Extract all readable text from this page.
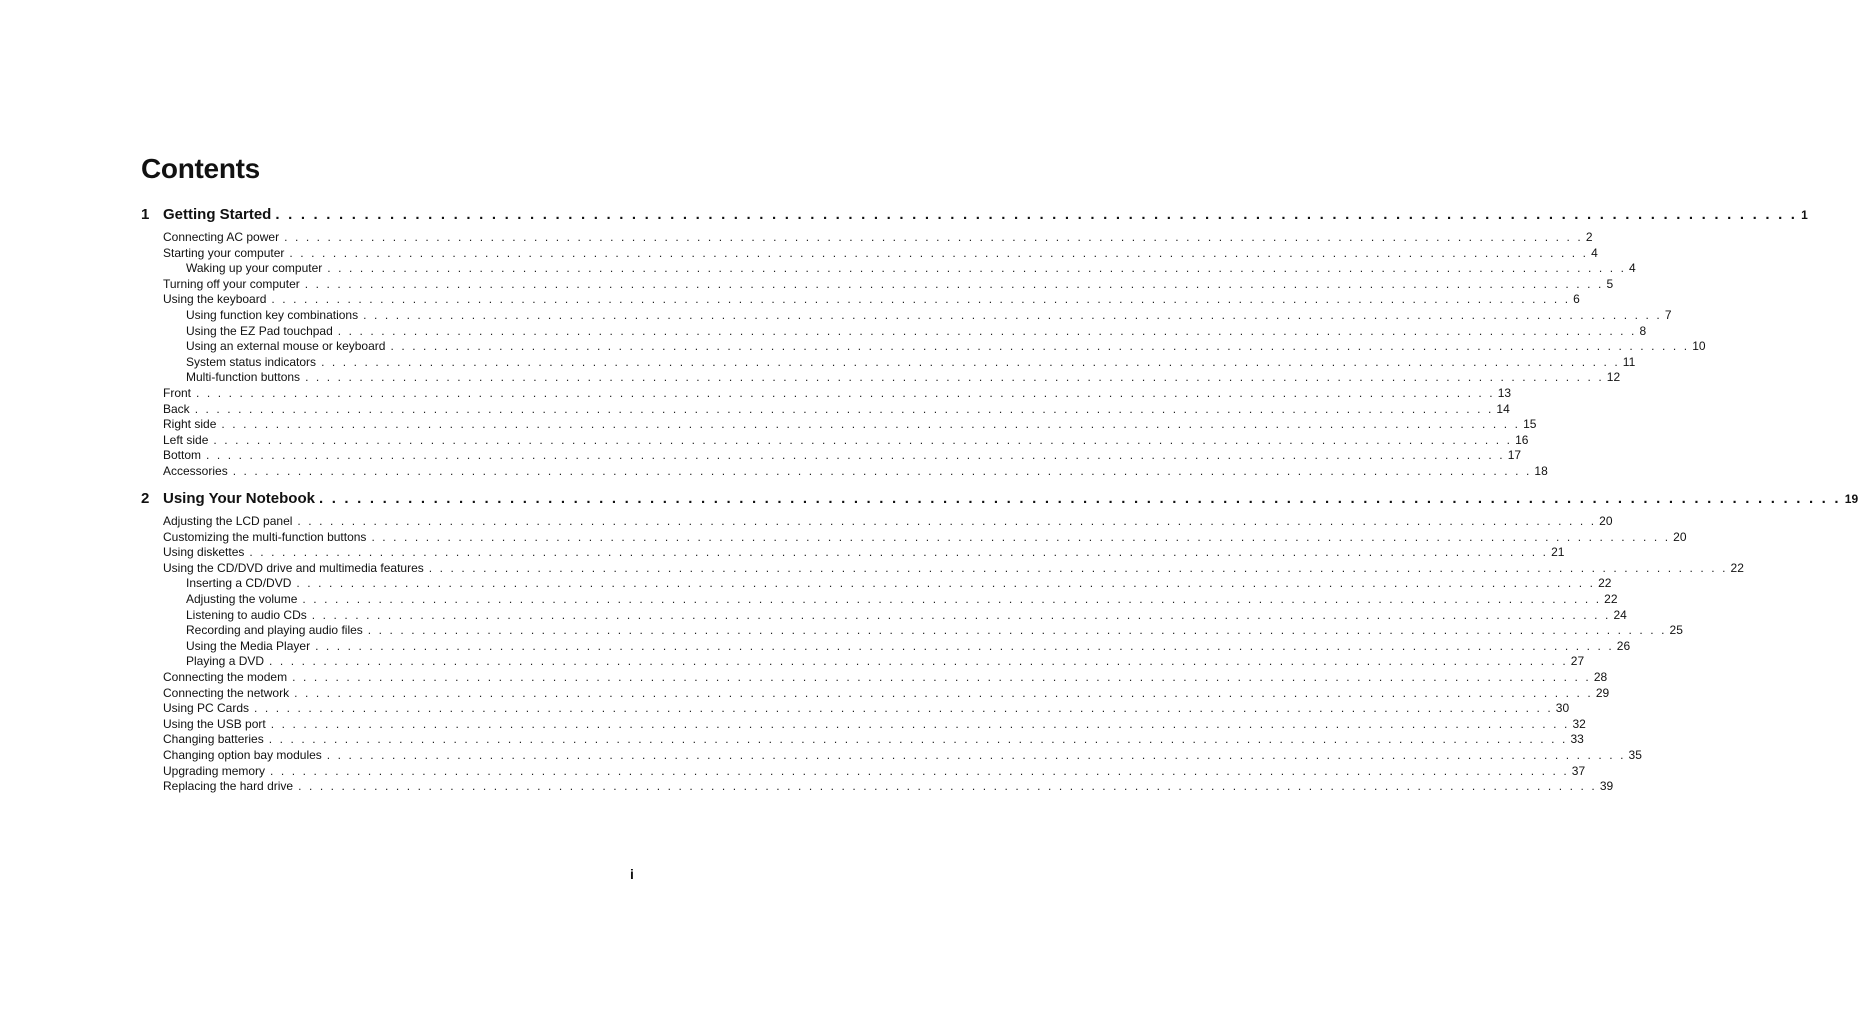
Contents
1 Getting Started . . . . . . . . . . . . . . . . . . . . . . . . . . . . . . . . . . . . . . . . . . . . . . . . . . . . . . . . . . . . . . . . . . . . . . . . . . . . . . . . . . . . . . . . . . . . . . . . . . . . . . . . . . . . . . . . . . . . . . . . 1
Connecting AC power . . . . . . . . . . . . . . . . . . . . . . . . . . . . . . . . . . . . . . . . . . . . . . . . . . . . . . . . . . . . . . . . . . . . . . . . . . . . . . . . . . . . . . . . . . . . . . . . . . . . . . . . . . . . . . . . . . . . . . . . 2
Starting your computer . . . . . . . . . . . . . . . . . . . . . . . . . . . . . . . . . . . . . . . . . . . . . . . . . . . . . . . . . . . . . . . . . . . . . . . . . . . . . . . . . . . . . . . . . . . . . . . . . . . . . . . . . . . . . . . . . . . . . . . . 4
Waking up your computer . . . . . . . . . . . . . . . . . . . . . . . . . . . . . . . . . . . . . . . . . . . . . . . . . . . . . . . . . . . . . . . . . . . . . . . . . . . . . . . . . . . . . . . . . . . . . . . . . . . . . . . . . . . . . . . . . . . . . . . . 4
Turning off your computer . . . . . . . . . . . . . . . . . . . . . . . . . . . . . . . . . . . . . . . . . . . . . . . . . . . . . . . . . . . . . . . . . . . . . . . . . . . . . . . . . . . . . . . . . . . . . . . . . . . . . . . . . . . . . . . . . . . . . . . . 5
Using the keyboard . . . . . . . . . . . . . . . . . . . . . . . . . . . . . . . . . . . . . . . . . . . . . . . . . . . . . . . . . . . . . . . . . . . . . . . . . . . . . . . . . . . . . . . . . . . . . . . . . . . . . . . . . . . . . . . . . . . . . . . . 6
Using function key combinations . . . . . . . . . . . . . . . . . . . . . . . . . . . . . . . . . . . . . . . . . . . . . . . . . . . . . . . . . . . . . . . . . . . . . . . . . . . . . . . . . . . . . . . . . . . . . . . . . . . . . . . . . . . . . . . . . . . . . . . . 7
Using the EZ Pad touchpad . . . . . . . . . . . . . . . . . . . . . . . . . . . . . . . . . . . . . . . . . . . . . . . . . . . . . . . . . . . . . . . . . . . . . . . . . . . . . . . . . . . . . . . . . . . . . . . . . . . . . . . . . . . . . . . . . . . . . . . . 8
Using an external mouse or keyboard . . . . . . . . . . . . . . . . . . . . . . . . . . . . . . . . . . . . . . . . . . . . . . . . . . . . . . . . . . . . . . . . . . . . . . . . . . . . . . . . . . . . . . . . . . . . . . . . . . . . . . . . . . . . . . . . . . . . . . . . 10
System status indicators . . . . . . . . . . . . . . . . . . . . . . . . . . . . . . . . . . . . . . . . . . . . . . . . . . . . . . . . . . . . . . . . . . . . . . . . . . . . . . . . . . . . . . . . . . . . . . . . . . . . . . . . . . . . . . . . . . . . . . . . 11
Multi-function buttons . . . . . . . . . . . . . . . . . . . . . . . . . . . . . . . . . . . . . . . . . . . . . . . . . . . . . . . . . . . . . . . . . . . . . . . . . . . . . . . . . . . . . . . . . . . . . . . . . . . . . . . . . . . . . . . . . . . . . . . . 12
Front . . . . . . . . . . . . . . . . . . . . . . . . . . . . . . . . . . . . . . . . . . . . . . . . . . . . . . . . . . . . . . . . . . . . . . . . . . . . . . . . . . . . . . . . . . . . . . . . . . . . . . . . . . . . . . . . . . . . . . . . 13
Back . . . . . . . . . . . . . . . . . . . . . . . . . . . . . . . . . . . . . . . . . . . . . . . . . . . . . . . . . . . . . . . . . . . . . . . . . . . . . . . . . . . . . . . . . . . . . . . . . . . . . . . . . . . . . . . . . . . . . . . . 14
Right side . . . . . . . . . . . . . . . . . . . . . . . . . . . . . . . . . . . . . . . . . . . . . . . . . . . . . . . . . . . . . . . . . . . . . . . . . . . . . . . . . . . . . . . . . . . . . . . . . . . . . . . . . . . . . . . . . . . . . . . . 15
Left side . . . . . . . . . . . . . . . . . . . . . . . . . . . . . . . . . . . . . . . . . . . . . . . . . . . . . . . . . . . . . . . . . . . . . . . . . . . . . . . . . . . . . . . . . . . . . . . . . . . . . . . . . . . . . . . . . . . . . . . . 16
Bottom . . . . . . . . . . . . . . . . . . . . . . . . . . . . . . . . . . . . . . . . . . . . . . . . . . . . . . . . . . . . . . . . . . . . . . . . . . . . . . . . . . . . . . . . . . . . . . . . . . . . . . . . . . . . . . . . . . . . . . . . 17
Accessories . . . . . . . . . . . . . . . . . . . . . . . . . . . . . . . . . . . . . . . . . . . . . . . . . . . . . . . . . . . . . . . . . . . . . . . . . . . . . . . . . . . . . . . . . . . . . . . . . . . . . . . . . . . . . . . . . . . . . . . . 18
2 Using Your Notebook . . . . . . . . . . . . . . . . . . . . . . . . . . . . . . . . . . . . . . . . . . . . . . . . . . . . . . . . . . . . . . . . . . . . . . . . . . . . . . . . . . . . . . . . . . . . . . . . . . . . . . . . . . . . . . . . . . . . . . . . 19
Adjusting the LCD panel . . . . . . . . . . . . . . . . . . . . . . . . . . . . . . . . . . . . . . . . . . . . . . . . . . . . . . . . . . . . . . . . . . . . . . . . . . . . . . . . . . . . . . . . . . . . . . . . . . . . . . . . . . . . . . . . . . . . . . . . 20
Customizing the multi-function buttons . . . . . . . . . . . . . . . . . . . . . . . . . . . . . . . . . . . . . . . . . . . . . . . . . . . . . . . . . . . . . . . . . . . . . . . . . . . . . . . . . . . . . . . . . . . . . . . . . . . . . . . . . . . . . . . . . . . . . . . . 20
Using diskettes . . . . . . . . . . . . . . . . . . . . . . . . . . . . . . . . . . . . . . . . . . . . . . . . . . . . . . . . . . . . . . . . . . . . . . . . . . . . . . . . . . . . . . . . . . . . . . . . . . . . . . . . . . . . . . . . . . . . . . . . 21
Using the CD/DVD drive and multimedia features . . . . . . . . . . . . . . . . . . . . . . . . . . . . . . . . . . . . . . . . . . . . . . . . . . . . . . . . . . . . . . . . . . . . . . . . . . . . . . . . . . . . . . . . . . . . . . . . . . . . . . . . . . . . . . . . . . . . . . . . 22
Inserting a CD/DVD . . . . . . . . . . . . . . . . . . . . . . . . . . . . . . . . . . . . . . . . . . . . . . . . . . . . . . . . . . . . . . . . . . . . . . . . . . . . . . . . . . . . . . . . . . . . . . . . . . . . . . . . . . . . . . . . . . . . . . . . 22
Adjusting the volume . . . . . . . . . . . . . . . . . . . . . . . . . . . . . . . . . . . . . . . . . . . . . . . . . . . . . . . . . . . . . . . . . . . . . . . . . . . . . . . . . . . . . . . . . . . . . . . . . . . . . . . . . . . . . . . . . . . . . . . . 22
Listening to audio CDs . . . . . . . . . . . . . . . . . . . . . . . . . . . . . . . . . . . . . . . . . . . . . . . . . . . . . . . . . . . . . . . . . . . . . . . . . . . . . . . . . . . . . . . . . . . . . . . . . . . . . . . . . . . . . . . . . . . . . . . . 24
Recording and playing audio files . . . . . . . . . . . . . . . . . . . . . . . . . . . . . . . . . . . . . . . . . . . . . . . . . . . . . . . . . . . . . . . . . . . . . . . . . . . . . . . . . . . . . . . . . . . . . . . . . . . . . . . . . . . . . . . . . . . . . . . . 25
Using the Media Player . . . . . . . . . . . . . . . . . . . . . . . . . . . . . . . . . . . . . . . . . . . . . . . . . . . . . . . . . . . . . . . . . . . . . . . . . . . . . . . . . . . . . . . . . . . . . . . . . . . . . . . . . . . . . . . . . . . . . . . . 26
Playing a DVD . . . . . . . . . . . . . . . . . . . . . . . . . . . . . . . . . . . . . . . . . . . . . . . . . . . . . . . . . . . . . . . . . . . . . . . . . . . . . . . . . . . . . . . . . . . . . . . . . . . . . . . . . . . . . . . . . . . . . . . . 27
Connecting the modem . . . . . . . . . . . . . . . . . . . . . . . . . . . . . . . . . . . . . . . . . . . . . . . . . . . . . . . . . . . . . . . . . . . . . . . . . . . . . . . . . . . . . . . . . . . . . . . . . . . . . . . . . . . . . . . . . . . . . . . . 28
Connecting the network . . . . . . . . . . . . . . . . . . . . . . . . . . . . . . . . . . . . . . . . . . . . . . . . . . . . . . . . . . . . . . . . . . . . . . . . . . . . . . . . . . . . . . . . . . . . . . . . . . . . . . . . . . . . . . . . . . . . . . . . 29
Using PC Cards . . . . . . . . . . . . . . . . . . . . . . . . . . . . . . . . . . . . . . . . . . . . . . . . . . . . . . . . . . . . . . . . . . . . . . . . . . . . . . . . . . . . . . . . . . . . . . . . . . . . . . . . . . . . . . . . . . . . . . . . 30
Using the USB port . . . . . . . . . . . . . . . . . . . . . . . . . . . . . . . . . . . . . . . . . . . . . . . . . . . . . . . . . . . . . . . . . . . . . . . . . . . . . . . . . . . . . . . . . . . . . . . . . . . . . . . . . . . . . . . . . . . . . . . . 32
Changing batteries . . . . . . . . . . . . . . . . . . . . . . . . . . . . . . . . . . . . . . . . . . . . . . . . . . . . . . . . . . . . . . . . . . . . . . . . . . . . . . . . . . . . . . . . . . . . . . . . . . . . . . . . . . . . . . . . . . . . . . . . 33
Changing option bay modules . . . . . . . . . . . . . . . . . . . . . . . . . . . . . . . . . . . . . . . . . . . . . . . . . . . . . . . . . . . . . . . . . . . . . . . . . . . . . . . . . . . . . . . . . . . . . . . . . . . . . . . . . . . . . . . . . . . . . . . . 35
Upgrading memory . . . . . . . . . . . . . . . . . . . . . . . . . . . . . . . . . . . . . . . . . . . . . . . . . . . . . . . . . . . . . . . . . . . . . . . . . . . . . . . . . . . . . . . . . . . . . . . . . . . . . . . . . . . . . . . . . . . . . . . . 37
Replacing the hard drive . . . . . . . . . . . . . . . . . . . . . . . . . . . . . . . . . . . . . . . . . . . . . . . . . . . . . . . . . . . . . . . . . . . . . . . . . . . . . . . . . . . . . . . . . . . . . . . . . . . . . . . . . . . . . . . . . . . . . . . . 39
i
